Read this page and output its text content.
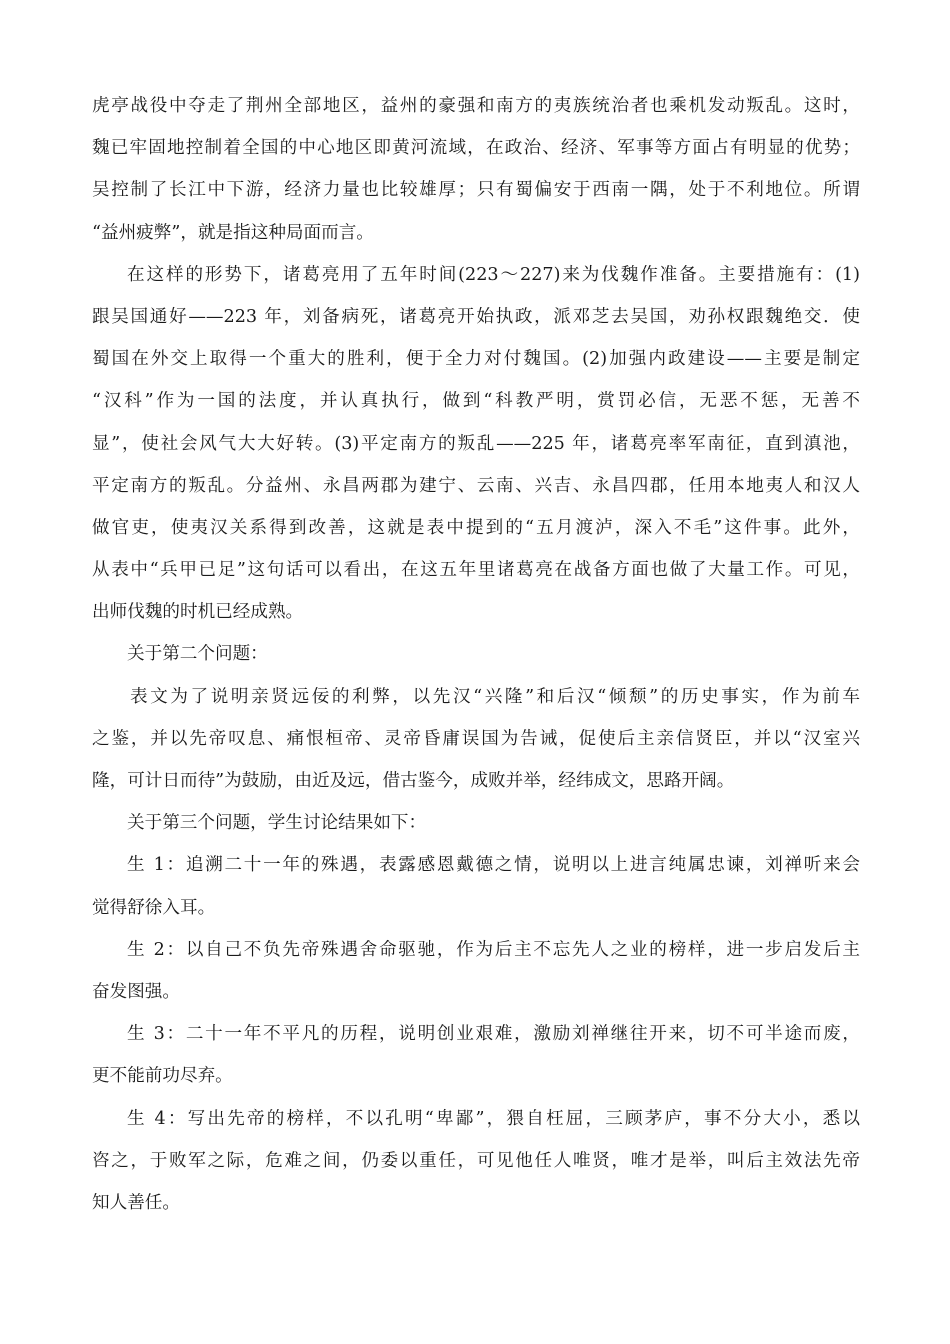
虎亭战役中夺走了荆州全部地区，益州的豪强和南方的夷族统治者也乘机发动叛乱。这时，
魏已牢固地控制着全国的中心地区即黄河流域，在政治、经济、军事等方面占有明显的优势；
吴控制了长江中下游，经济力量也比较雄厚；只有蜀偏安于西南一隅，处于不利地位。所谓
“益州疲弊”，就是指这种局面而言。
在这样的形势下，诸葛亮用了五年时间(223～227)来为伐魏作准备。主要措施有：(1)
跟吴国通好——223 年，刘备病死，诸葛亮开始执政，派邓芝去吴国，劝孙权跟魏绝交．使
蜀国在外交上取得一个重大的胜利，便于全力对付魏国。(2)加强内政建设——主要是制定
“汉科”作为一国的法度，并认真执行，做到“科教严明，赏罚必信，无恶不惩，无善不
显”，使社会风气大大好转。(3)平定南方的叛乱——225 年，诸葛亮率军南征，直到滇池，
平定南方的叛乱。分益州、永昌两郡为建宁、云南、兴吉、永昌四郡，任用本地夷人和汉人
做官吏，使夷汉关系得到改善，这就是表中提到的“五月渡泸，深入不毛”这件事。此外，
从表中“兵甲已足”这句话可以看出，在这五年里诸葛亮在战备方面也做了大量工作。可见，
出师伐魏的时机已经成熟。
关于第二个问题：
表文为了说明亲贤远佞的利弊，以先汉“兴隆”和后汉“倾颓”的历史事实，作为前车
之鉴，并以先帝叹息、痛恨桓帝、灵帝昏庸误国为告诫，促使后主亲信贤臣，并以“汉室兴
隆，可计日而待”为鼓励，由近及远，借古鉴今，成败并举，经纬成文，思路开阔。
关于第三个问题，学生讨论结果如下：
生 1：追溯二十一年的殊遇，表露感恩戴德之情，说明以上进言纯属忠谏，刘禅听来会
觉得舒徐入耳。
生 2：以自己不负先帝殊遇舍命驱驰，作为后主不忘先人之业的榜样，进一步启发后主
奋发图强。
生 3：二十一年不平凡的历程，说明创业艰难，激励刘禅继往开来，切不可半途而废，
更不能前功尽弃。
生 4：写出先帝的榜样，不以孔明“卑鄙”，猥自枉屈，三顾茅庐，事不分大小，悉以
咨之，于败军之际，危难之间，仍委以重任，可见他任人唯贤，唯才是举，叫后主效法先帝
知人善任。
